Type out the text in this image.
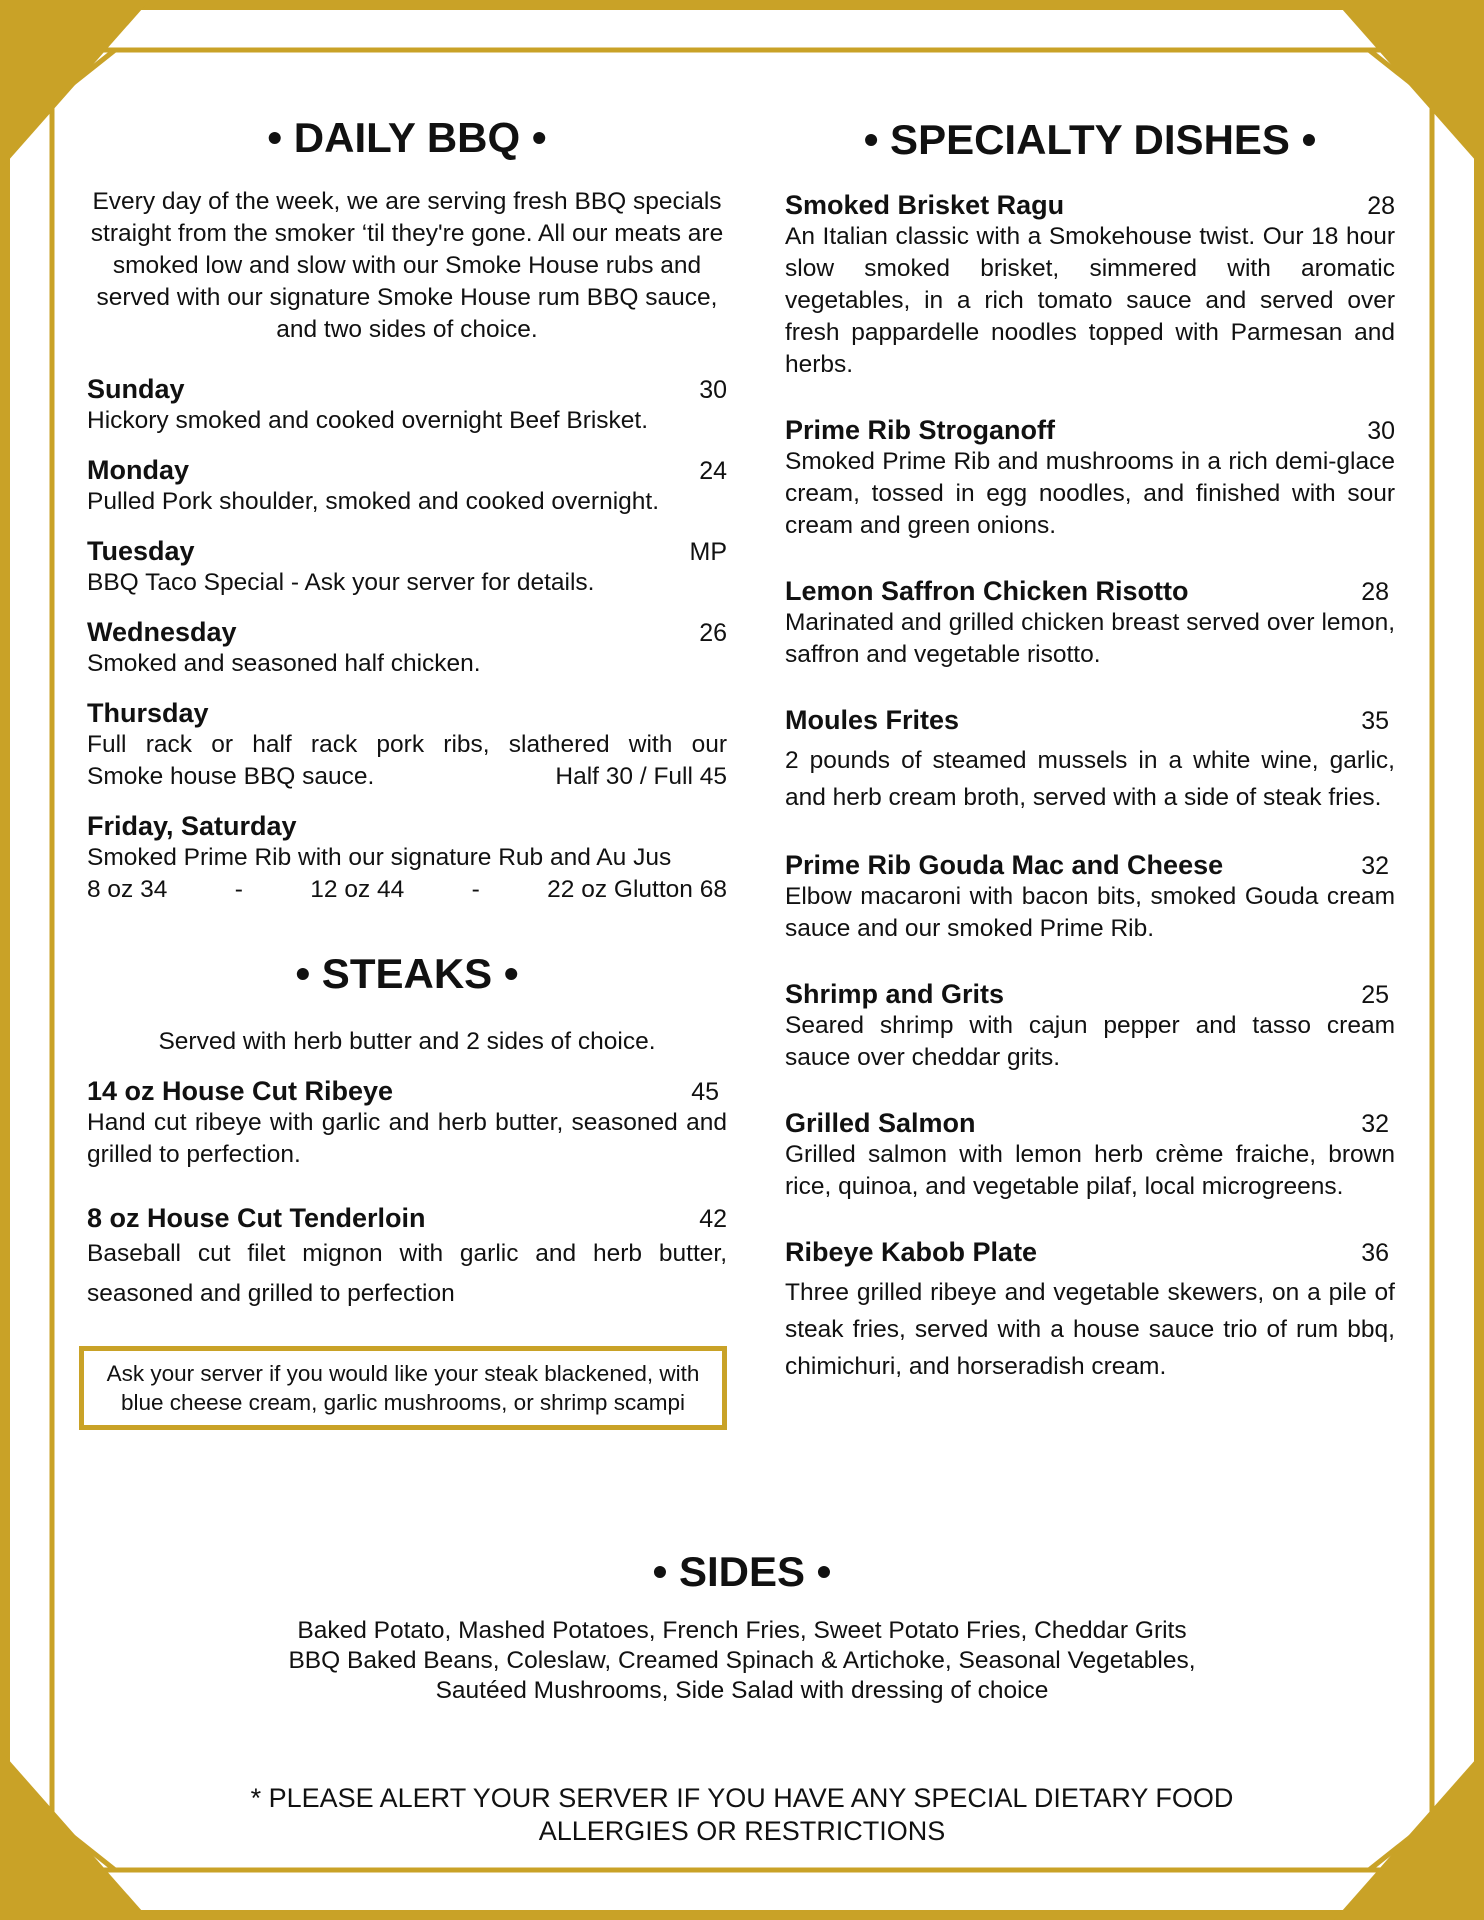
• DAILY BBQ •
Every day of the week, we are serving fresh BBQ specials straight from the smoker ‘til they're gone. All our meats are smoked low and slow with our Smoke House rubs and served with our signature Smoke House rum BBQ sauce, and two sides of choice.
Sunday	30
Hickory smoked and cooked overnight Beef Brisket.
Monday	24
Pulled Pork shoulder, smoked and cooked overnight.
Tuesday	MP
BBQ Taco Special - Ask your server for details.
Wednesday	26
Smoked and seasoned half chicken.
Thursday
Full rack or half rack pork ribs, slathered with our
Smoke house BBQ sauce.	Half 30 / Full 45
Friday, Saturday
Smoked Prime Rib with our signature Rub and Au Jus
8 oz 34	-	12 oz 44	-	22 oz Glutton 68
• STEAKS •
Served with herb butter and 2 sides of choice.
14 oz House Cut Ribeye	45
Hand cut ribeye with garlic and herb butter, seasoned and grilled to perfection.
8 oz House Cut Tenderloin	42
Baseball cut filet mignon with garlic and herb butter, seasoned and grilled to perfection
Ask your server if you would like your steak blackened, with blue cheese cream, garlic mushrooms, or shrimp scampi
• SPECIALTY DISHES •
Smoked Brisket Ragu	28
An Italian classic with a Smokehouse twist. Our 18 hour slow smoked brisket, simmered with aromatic vegetables, in a rich tomato sauce and served over fresh pappardelle noodles topped with Parmesan and herbs.
Prime Rib Stroganoff	30
Smoked Prime Rib and mushrooms in a rich demi-glace cream, tossed in egg noodles, and finished with sour cream and green onions.
Lemon Saffron Chicken Risotto	28
Marinated and grilled chicken breast served over lemon, saffron and vegetable risotto.
Moules Frites	35
2 pounds of steamed mussels in a white wine, garlic, and herb cream broth, served with a side of steak fries.
Prime Rib Gouda Mac and Cheese	32
Elbow macaroni with bacon bits, smoked Gouda cream sauce and our smoked Prime Rib.
Shrimp and Grits	25
Seared shrimp with cajun pepper and tasso cream sauce over cheddar grits.
Grilled Salmon	32
Grilled salmon with lemon herb crème fraiche, brown rice, quinoa, and vegetable pilaf, local microgreens.
Ribeye Kabob Plate	36
Three grilled ribeye and vegetable skewers, on a pile of steak fries, served with a house sauce trio of rum bbq, chimichuri, and horseradish cream.
• SIDES •
Baked Potato, Mashed Potatoes, French Fries, Sweet Potato Fries, Cheddar Grits
BBQ Baked Beans, Coleslaw, Creamed Spinach & Artichoke, Seasonal Vegetables,
Sautéed Mushrooms, Side Salad with dressing of choice
* PLEASE ALERT YOUR SERVER IF YOU HAVE ANY SPECIAL DIETARY FOOD
ALLERGIES OR RESTRICTIONS
